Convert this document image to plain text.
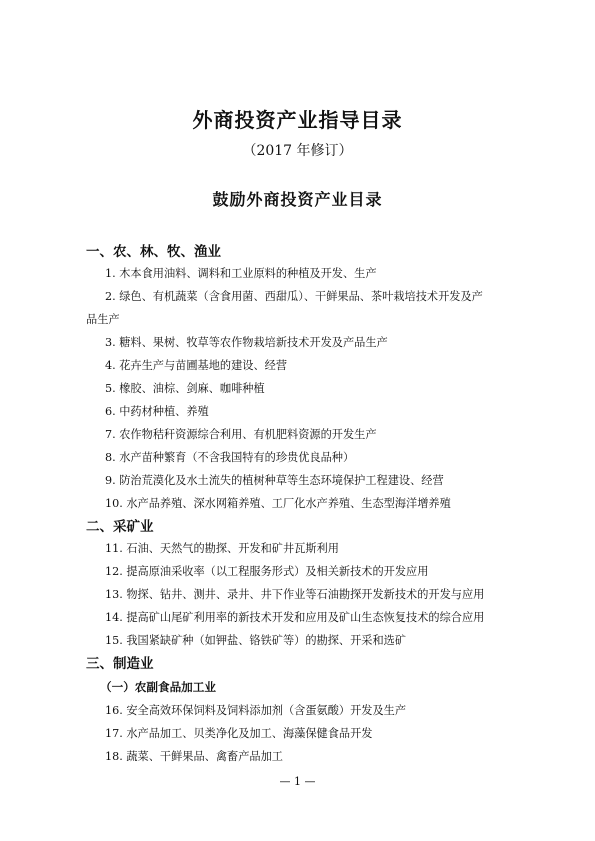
外商投资产业指导目录
（2017 年修订）
鼓励外商投资产业目录
一、农、林、牧、渔业
1. 木本食用油料、调料和工业原料的种植及开发、生产
2. 绿色、有机蔬菜（含食用菌、西甜瓜）、干鲜果品、茶叶栽培技术开发及产
品生产
3. 糖料、果树、牧草等农作物栽培新技术开发及产品生产
4. 花卉生产与苗圃基地的建设、经营
5. 橡胶、油棕、剑麻、咖啡种植
6. 中药材种植、养殖
7. 农作物秸秆资源综合利用、有机肥料资源的开发生产
8. 水产苗种繁育（不含我国特有的珍贵优良品种）
9. 防治荒漠化及水土流失的植树种草等生态环境保护工程建设、经营
10. 水产品养殖、深水网箱养殖、工厂化水产养殖、生态型海洋增养殖
二、采矿业
11. 石油、天然气的勘探、开发和矿井瓦斯利用
12. 提高原油采收率（以工程服务形式）及相关新技术的开发应用
13. 物探、钻井、测井、录井、井下作业等石油勘探开发新技术的开发与应用
14. 提高矿山尾矿利用率的新技术开发和应用及矿山生态恢复技术的综合应用
15. 我国紧缺矿种（如钾盐、铬铁矿等）的勘探、开采和选矿
三、制造业
（一）农副食品加工业
16. 安全高效环保饲料及饲料添加剂（含蛋氨酸）开发及生产
17. 水产品加工、贝类净化及加工、海藻保健食品开发
18. 蔬菜、干鲜果品、禽畜产品加工
— 1 —
